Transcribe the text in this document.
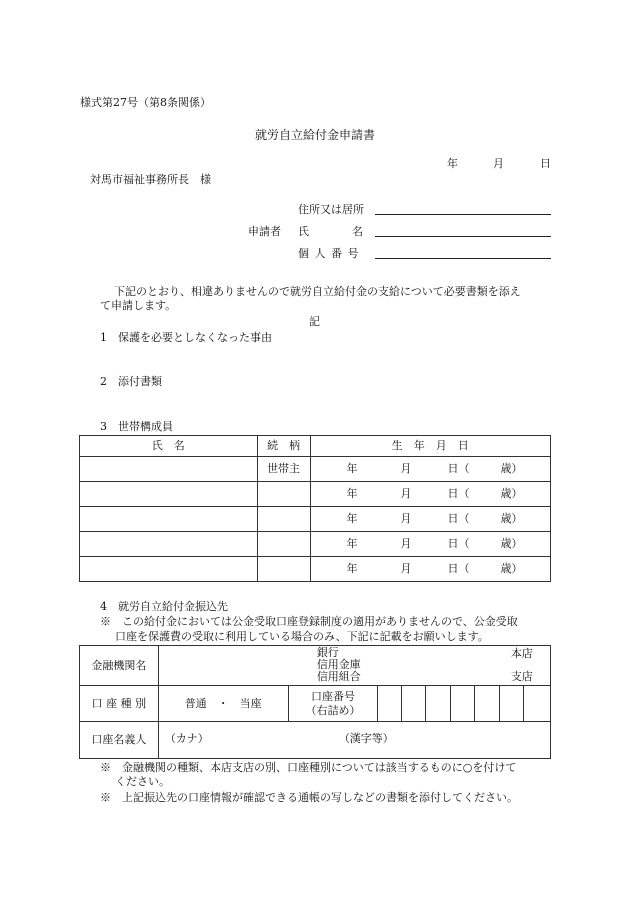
様式第27号（第8条関係）
就労自立給付金申請書
年	月	日
対馬市福祉事務所長　様
住所又は居所
申請者 氏	名
個 人 番 号
下記のとおり、相違ありませんので就労自立給付金の支給について必要書類を添え
て申請します。
記
1　保護を必要としなくなった事由
2　添付書類
3　世帯構成員
氏　名	続　柄	生　年　月　日
	世帯主	年 月 日（ 歳）

		年 月 日（ 歳）

		年 月 日（ 歳）

		年 月 日（ 歳）

		年 月 日（ 歳）
4　就労自立給付金振込先
※　この給付金においては公金受取口座登録制度の適用がありませんので、公金受取
口座を保護費の受取に利用している場合のみ、下記に記載をお願いします。
金融機関名	銀行
信用金庫
信用組合
本店
支店								

口 座 種 別	普通　・　当座	口座番号
（右詰め）							

口座名義人	（カナ） （漢字等）								
※　金融機関の種類、本店支店の別、口座種別については該当するものに○を付けて
ください。
※　上記振込先の口座情報が確認できる通帳の写しなどの書類を添付してください。
